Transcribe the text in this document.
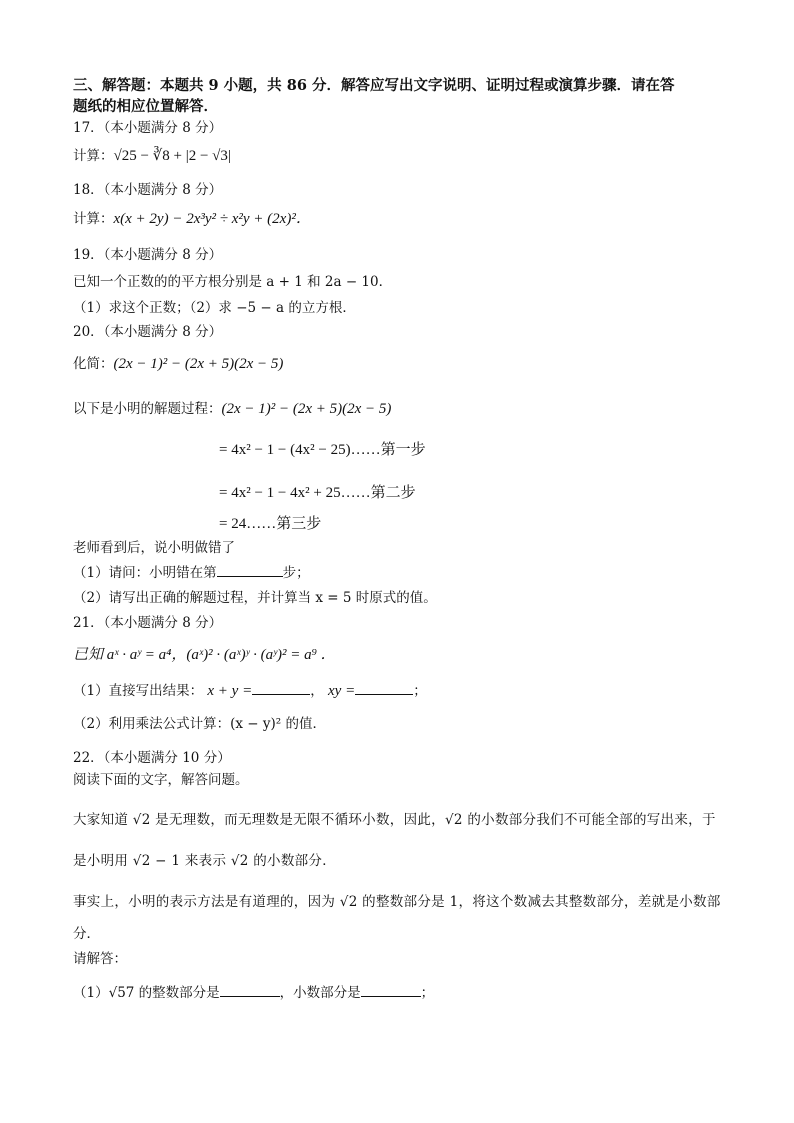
三、解答题：本题共 9 小题，共 86 分．解答应写出文字说明、证明过程或演算步骤．请在答
题纸的相应位置解答．
17．（本小题满分 8 分）
计算：√25 − ∛8 + |2 − √3|
18．（本小题满分 8 分）
计算：x(x + 2y) − 2x³y² ÷ x²y + (2x)²．
19．（本小题满分 8 分）
已知一个正数的的平方根分别是 a + 1 和 2a − 10．
（1）求这个正数；（2）求 −5 − a 的立方根．
20．（本小题满分 8 分）
化简：(2x − 1)² − (2x + 5)(2x − 5)
以下是小明的解题过程：(2x − 1)² − (2x + 5)(2x − 5)
= 4x² − 1 − (4x² − 25)……第一步
= 4x² − 1 − 4x² + 25……第二步
= 24……第三步
老师看到后，说小明做错了
（1）请问：小明错在第	步；
（2）请写出正确的解题过程，并计算当 x = 5 时原式的值。
21．（本小题满分 8 分）
已知 aˣ · aʸ = a⁴，(aˣ)² · (aˣ)ʸ · (aʸ)² = a⁹ ．
（1）直接写出结果： x + y =	， xy =	；
（2）利用乘法公式计算：(x − y)² 的值．
22．（本小题满分 10 分）
阅读下面的文字，解答问题。
大家知道 √2 是无理数，而无理数是无限不循环小数，因此，√2 的小数部分我们不可能全部的写出来，于
是小明用 √2 − 1 来表示 √2 的小数部分．
事实上，小明的表示方法是有道理的，因为 √2 的整数部分是 1，将这个数减去其整数部分，差就是小数部
分．
请解答：
（1）√57 的整数部分是	，小数部分是	；
